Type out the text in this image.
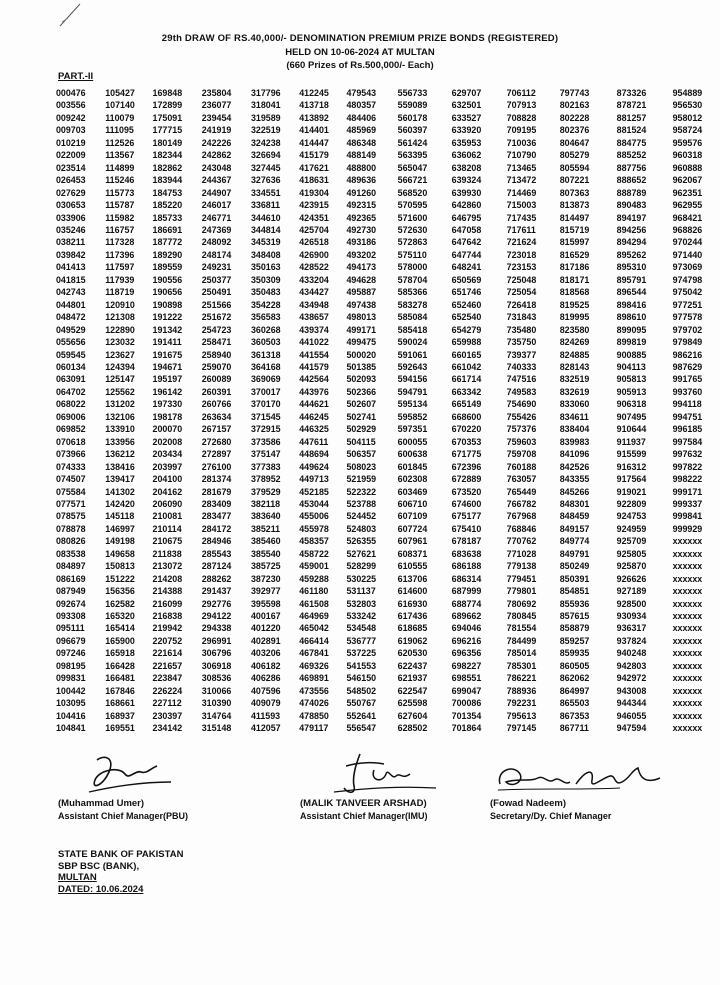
29th DRAW OF RS.40,000/- DENOMINATION PREMIUM PRIZE BONDS (REGISTERED)
HELD ON 10-06-2024 AT MULTAN
(660 Prizes of Rs.500,000/- Each)
PART.-II
000476	105427	169848	235804	317796	412245	479543	556733	629707	706112	797743	873326	954889
003556	107140	172899	236077	318041	413718	480357	559089	632501	707913	802163	878721	956530
009242	110079	175091	239454	319589	413892	484406	560178	633527	708828	802228	881257	958012
009703	111095	177715	241919	322519	414401	485969	560397	633920	709195	802376	881524	958724
010219	112526	180149	242226	324238	414447	486348	561424	635953	710036	804647	884775	959576
022009	113567	182344	242862	326694	415179	488149	563395	636062	710790	805279	885252	960318
023514	114899	182862	243048	327445	417621	488800	565047	638208	713465	805594	887756	960888
026453	115246	183944	244367	327636	418631	489636	566721	639324	713472	807221	888652	962067
027629	115773	184753	244907	334551	419304	491260	568520	639930	714469	807363	888789	962351
030653	115787	185220	246017	336811	423915	492315	570595	642860	715003	813873	890483	962955
033906	115982	185733	246771	344610	424351	492365	571600	646795	717435	814497	894197	968421
035246	116757	186691	247369	344814	425704	492730	572630	647058	717611	815719	894256	968826
038211	117328	187772	248092	345319	426518	493186	572863	647642	721624	815997	894294	970244
039842	117396	189290	248174	348408	426900	493202	575110	647744	723018	816529	895262	971440
041413	117597	189559	249231	350163	428522	494173	578000	648241	723153	817186	895310	973069
041815	117939	190556	250377	350309	433204	494628	578704	650569	725048	818171	895791	974798
042743	118719	190656	250491	350483	434427	495887	585366	651746	725054	818568	896544	975042
044801	120910	190898	251566	354228	434948	497438	583278	652460	726418	819525	898416	977251
048472	121308	191222	251672	356583	438657	498013	585084	652540	731843	819995	898610	977578
049529	122890	191342	254723	360268	439374	499171	585418	654279	735480	823580	899095	979702
055656	123032	191411	258471	360503	441022	499475	590024	659988	735750	824269	899819	979849
059545	123627	191675	258940	361318	441554	500020	591061	660165	739377	824885	900885	986216
060134	124394	194671	259070	364168	441579	501385	592643	661042	740333	828143	904113	987629
063091	125147	195197	260089	369069	442564	502093	594156	661714	747516	832519	905813	991765
064702	125562	196142	260391	370017	443976	502366	594791	663342	749583	832619	905913	993760
068022	131202	197330	260766	370170	444621	502607	595134	665149	754690	833060	906318	994118
069006	132106	198178	263634	371545	446245	502741	595852	668600	755426	834611	907495	994751
069852	133910	200070	267157	372915	446325	502929	597351	670220	757376	838404	910644	996185
070618	133956	202008	272680	373586	447611	504115	600055	670353	759603	839983	911937	997584
073966	136212	203434	272897	375147	448694	506357	600638	671775	759708	841096	915599	997632
074333	138416	203997	276100	377383	449624	508023	601845	672396	760188	842526	916312	997822
074507	139417	204100	281374	378952	449713	521959	602308	672889	763057	843355	917564	998222
075584	141302	204162	281679	379529	452185	522322	603469	673520	765449	845266	919021	999171
077571	142420	206090	283409	382118	453044	523788	606710	674600	766782	848301	922809	999337
078575	145118	210081	283477	383640	455006	524452	607109	675177	767968	848459	924753	999841
078878	146997	210114	284172	385211	455978	524803	607724	675410	768846	849157	924959	999929
080826	149198	210675	284946	385460	458357	526355	607961	678187	770762	849774	925709	xxxxxx
083538	149658	211838	285543	385540	458722	527621	608371	683638	771028	849791	925805	xxxxxx
084897	150813	213072	287124	385725	459001	528299	610555	686188	779138	850249	925870	xxxxxx
086169	151222	214208	288262	387230	459288	530225	613706	686314	779451	850391	926626	xxxxxx
087949	156356	214388	291437	392977	461180	531137	614600	687999	779801	854851	927189	xxxxxx
092674	162582	216099	292776	395598	461508	532803	616930	688774	780692	855936	928500	xxxxxx
093308	165320	216838	294122	400167	464969	533242	617436	689662	780845	857615	930934	xxxxxx
095111	165414	219942	294338	401220	465042	534548	618685	694046	781554	858879	936317	xxxxxx
096679	165900	220752	296991	402891	466414	536777	619062	696216	784499	859257	937824	xxxxxx
097246	165918	221614	306796	403206	467841	537225	620530	696356	785014	859935	940248	xxxxxx
098195	166428	221657	306918	406182	469326	541553	622437	698227	785301	860505	942803	xxxxxx
099831	166481	223847	308536	406286	469891	546150	621937	698551	786221	862062	942972	xxxxxx
100442	167846	226224	310066	407596	473556	548502	622547	699047	788936	864997	943008	xxxxxx
103095	168661	227112	310390	409079	474026	550767	625598	700086	792231	865503	944344	xxxxxx
104416	168937	230397	314764	411593	478850	552641	627604	701354	795613	867353	946055	xxxxxx
104841	169551	234142	315148	412057	479117	556547	628502	701864	797145	867711	947594	xxxxxx
(Muhammad Umer)
Assistant Chief Manager(PBU)
(MALIK TANVEER ARSHAD)
Assistant Chief Manager(IMU)
(Fowad Nadeem)
Secretary/Dy. Chief Manager
STATE BANK OF PAKISTAN
SBP BSC (BANK),
MULTAN
DATED: 10.06.2024
